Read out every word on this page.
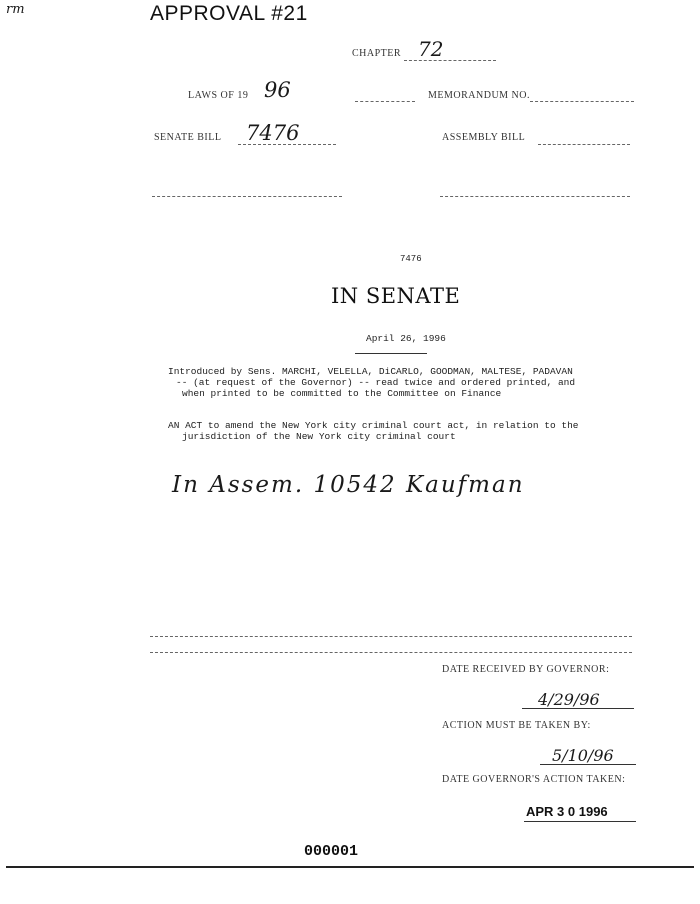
rm	APPROVAL #21
CHAPTER 72
LAWS OF 19 96	MEMORANDUM NO.
SENATE BILL 7476	ASSEMBLY BILL
7476
IN SENATE
April 26, 1996
Introduced by Sens. MARCHI, VELELLA, DiCARLO, GOODMAN, MALTESE, PADAVAN
-- (at request of the Governor) -- read twice and ordered printed, and
when printed to be committed to the Committee on Finance
AN ACT to amend the New York city criminal court act, in relation to the
jurisdiction of the New York city criminal court
In Assem. 10542 Kaufman
DATE RECEIVED BY GOVERNOR:
4/29/96
ACTION MUST BE TAKEN BY:
5/10/96
DATE GOVERNOR'S ACTION TAKEN:
APR 3 0 1996
000001
